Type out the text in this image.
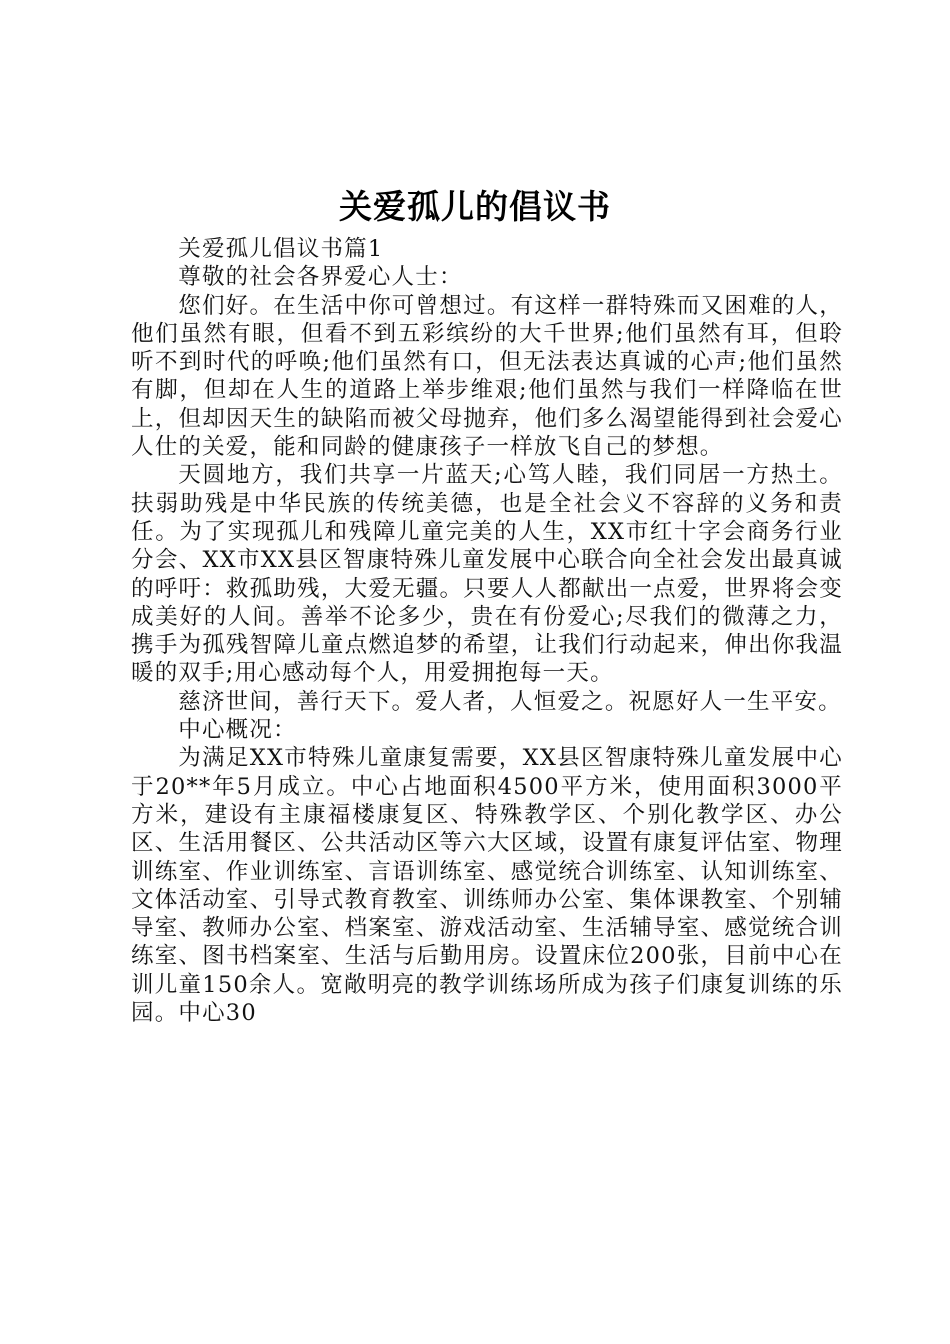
关爱孤儿的倡议书

关爱孤儿倡议书篇1

尊敬的社会各界爱心人士：

您们好。在生活中你可曾想过。有这样一群特殊而又困难的人，他们虽然有眼，但看不到五彩缤纷的大千世界;他们虽然有耳，但聆听不到时代的呼唤;他们虽然有口，但无法表达真诚的心声;他们虽然有脚，但却在人生的道路上举步维艰;他们虽然与我们一样降临在世上，但却因天生的缺陷而被父母抛弃，他们多么渴望能得到社会爱心人仕的关爱，能和同龄的健康孩子一样放飞自己的梦想。

天圆地方，我们共享一片蓝天;心笃人睦，我们同居一方热土。扶弱助残是中华民族的传统美德，也是全社会义不容辞的义务和责任。为了实现孤儿和残障儿童完美的人生，XX市红十字会商务行业分会、XX市XX县区智康特殊儿童发展中心联合向全社会发出最真诚的呼吁：救孤助残，大爱无疆。只要人人都献出一点爱，世界将会变成美好的人间。善举不论多少，贵在有份爱心;尽我们的微薄之力，携手为孤残智障儿童点燃追梦的希望，让我们行动起来，伸出你我温暖的双手;用心感动每个人，用爱拥抱每一天。

慈济世间，善行天下。爱人者，人恒爱之。祝愿好人一生平安。

中心概况：

为满足XX市特殊儿童康复需要，XX县区智康特殊儿童发展中心于20**年5月成立。中心占地面积4500平方米，使用面积3000平方米，建设有主康福楼康复区、特殊教学区、个别化教学区、办公区、生活用餐区、公共活动区等六大区域，设置有康复评估室、物理训练室、作业训练室、言语训练室、感觉统合训练室、认知训练室、文体活动室、引导式教育教室、训练师办公室、集体课教室、个别辅导室、教师办公室、档案室、游戏活动室、生活辅导室、感觉统合训练室、图书档案室、生活与后勤用房。设置床位200张，目前中心在训儿童150余人。宽敞明亮的教学训练场所成为孩子们康复训练的乐园。中心30
